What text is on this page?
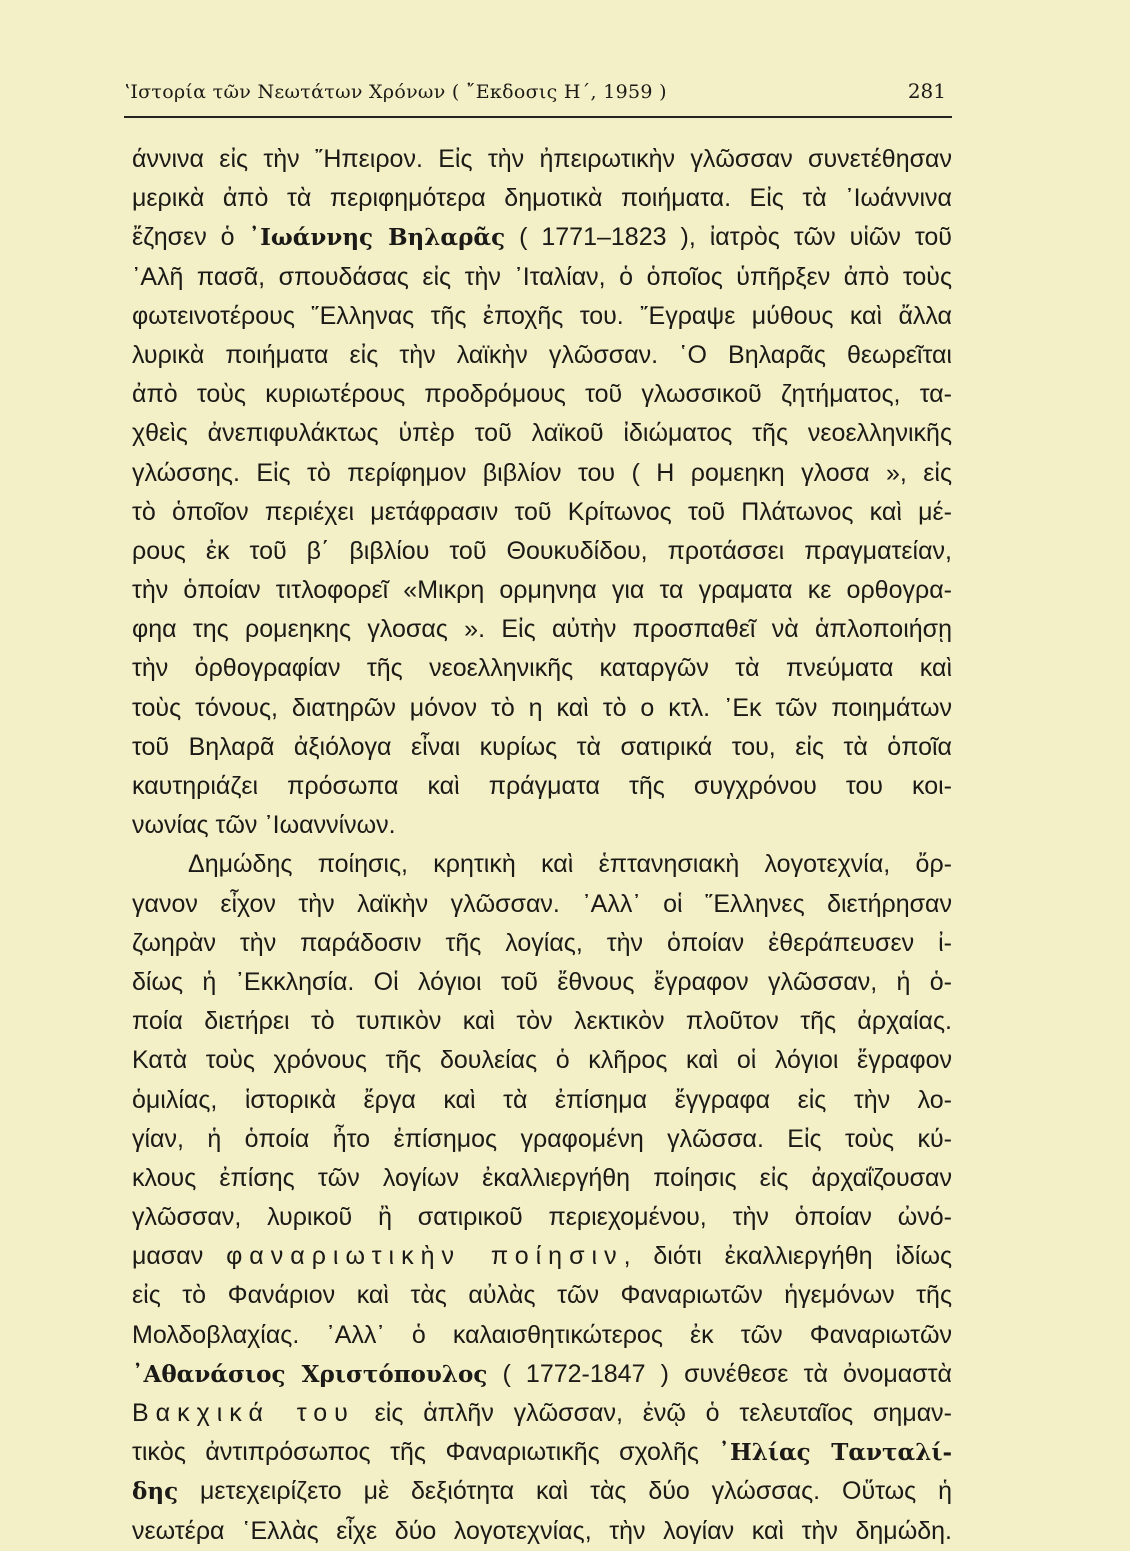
ʽΙστορία τῶν Νεωτάτων Χρόνων ( ῎Εκδοσις Η΄, 1959 )	281
άννινα εἰς τὴν ῎Ηπειρον. Εἰς τὴν ἠπειρωτικὴν γλῶσσαν συνετέθησαν
μερικὰ ἀπὸ τὰ περιφημότερα δημοτικὰ ποιήματα. Εἰς τὰ ᾿Ιωάννινα
ἔζησεν ὁ ᾿Ιωάννης Βηλαρᾶς ( 1771–1823 ), ἰατρὸς τῶν υἱῶν τοῦ
᾿Αλῆ πασᾶ, σπουδάσας εἰς τὴν ᾿Ιταλίαν, ὁ ὁποῖος ὑπῆρξεν ἀπὸ τοὺς
φωτεινοτέρους ῞Ελληνας τῆς ἐποχῆς του. ῎Εγραψε μύθους καὶ ἄλλα
λυρικὰ ποιήματα εἰς τὴν λαϊκὴν γλῶσσαν. ῾Ο Βηλαρᾶς θεωρεῖται
ἀπὸ τοὺς κυριωτέρους προδρόμους τοῦ γλωσσικοῦ ζητήματος, τα-
χθεὶς ἀνεπιφυλάκτως ὑπὲρ τοῦ λαϊκοῦ ἰδιώματος τῆς νεοελληνικῆς
γλώσσης. Εἰς τὸ περίφημον βιβλίον του ( Η ρομεηκη γλοσα », εἰς
τὸ ὁποῖον περιέχει μετάφρασιν τοῦ Κρίτωνος τοῦ Πλάτωνος καὶ μέ-
ρους ἐκ τοῦ β΄ βιβλίου τοῦ Θουκυδίδου, προτάσσει πραγματείαν,
τὴν ὁποίαν τιτλοφορεῖ «Μικρη ορμηνηα για τα γραματα κε ορθογρα-
φηα της ρομεηκης γλοσας ». Εἰς αὐτὴν προσπαθεῖ νὰ ἁπλοποιήσῃ
τὴν ὀρθογραφίαν τῆς νεοελληνικῆς καταργῶν τὰ πνεύματα καὶ
τοὺς τόνους, διατηρῶν μόνον τὸ η καὶ τὸ ο κτλ. ᾿Εκ τῶν ποιημάτων
τοῦ Βηλαρᾶ ἀξιόλογα εἶναι κυρίως τὰ σατιρικά του, εἰς τὰ ὁποῖα
καυτηριάζει πρόσωπα καὶ πράγματα τῆς συγχρόνου του κοι-
νωνίας τῶν ᾿Ιωαννίνων.
Δημώδης ποίησις, κρητικὴ καὶ ἑπτανησιακὴ λογοτεχνία, ὄρ-
γανον εἶχον τὴν λαϊκὴν γλῶσσαν. ᾿Αλλ᾿ οἱ ῞Ελληνες διετήρησαν
ζωηρὰν τὴν παράδοσιν τῆς λογίας, τὴν ὁποίαν ἐθεράπευσεν ἰ-
δίως ἡ ᾿Εκκλησία. Οἱ λόγιοι τοῦ ἔθνους ἔγραφον γλῶσσαν, ἡ ὁ-
ποία διετήρει τὸ τυπικὸν καὶ τὸν λεκτικὸν πλοῦτον τῆς ἀρχαίας.
Κατὰ τοὺς χρόνους τῆς δουλείας ὁ κλῆρος καὶ οἱ λόγιοι ἔγραφον
ὁμιλίας, ἱστορικὰ ἔργα καὶ τὰ ἐπίσημα ἔγγραφα εἰς τὴν λο-
γίαν, ἡ ὁποία ἦτο ἐπίσημος γραφομένη γλῶσσα. Εἰς τοὺς κύ-
κλους ἐπίσης τῶν λογίων ἐκαλλιεργήθη ποίησις εἰς ἀρχαΐζουσαν
γλῶσσαν, λυρικοῦ ἢ σατιρικοῦ περιεχομένου, τὴν ὁποίαν ὠνό-
μασαν φαναριωτικὴν ποίησιν, διότι ἐκαλλιεργήθη ἰδίως
εἰς τὸ Φανάριον καὶ τὰς αὐλὰς τῶν Φαναριωτῶν ἡγεμόνων τῆς
Μολδοβλαχίας. ᾿Αλλ᾿ ὁ καλαισθητικώτερος ἐκ τῶν Φαναριωτῶν
᾿Αθανάσιος Χριστόπουλος ( 1772-1847 ) συνέθεσε τὰ ὀνομαστὰ
Βακχικά του εἰς ἁπλῆν γλῶσσαν, ἐνῷ ὁ τελευταῖος σημαν-
τικὸς ἀντιπρόσωπος τῆς Φαναριωτικῆς σχολῆς ᾿Ηλίας Τανταλί-
δης μετεχειρίζετο μὲ δεξιότητα καὶ τὰς δύο γλώσσας. Οὕτως ἡ
νεωτέρα ῾Ελλὰς εἶχε δύο λογοτεχνίας, τὴν λογίαν καὶ τὴν δημώδη.
